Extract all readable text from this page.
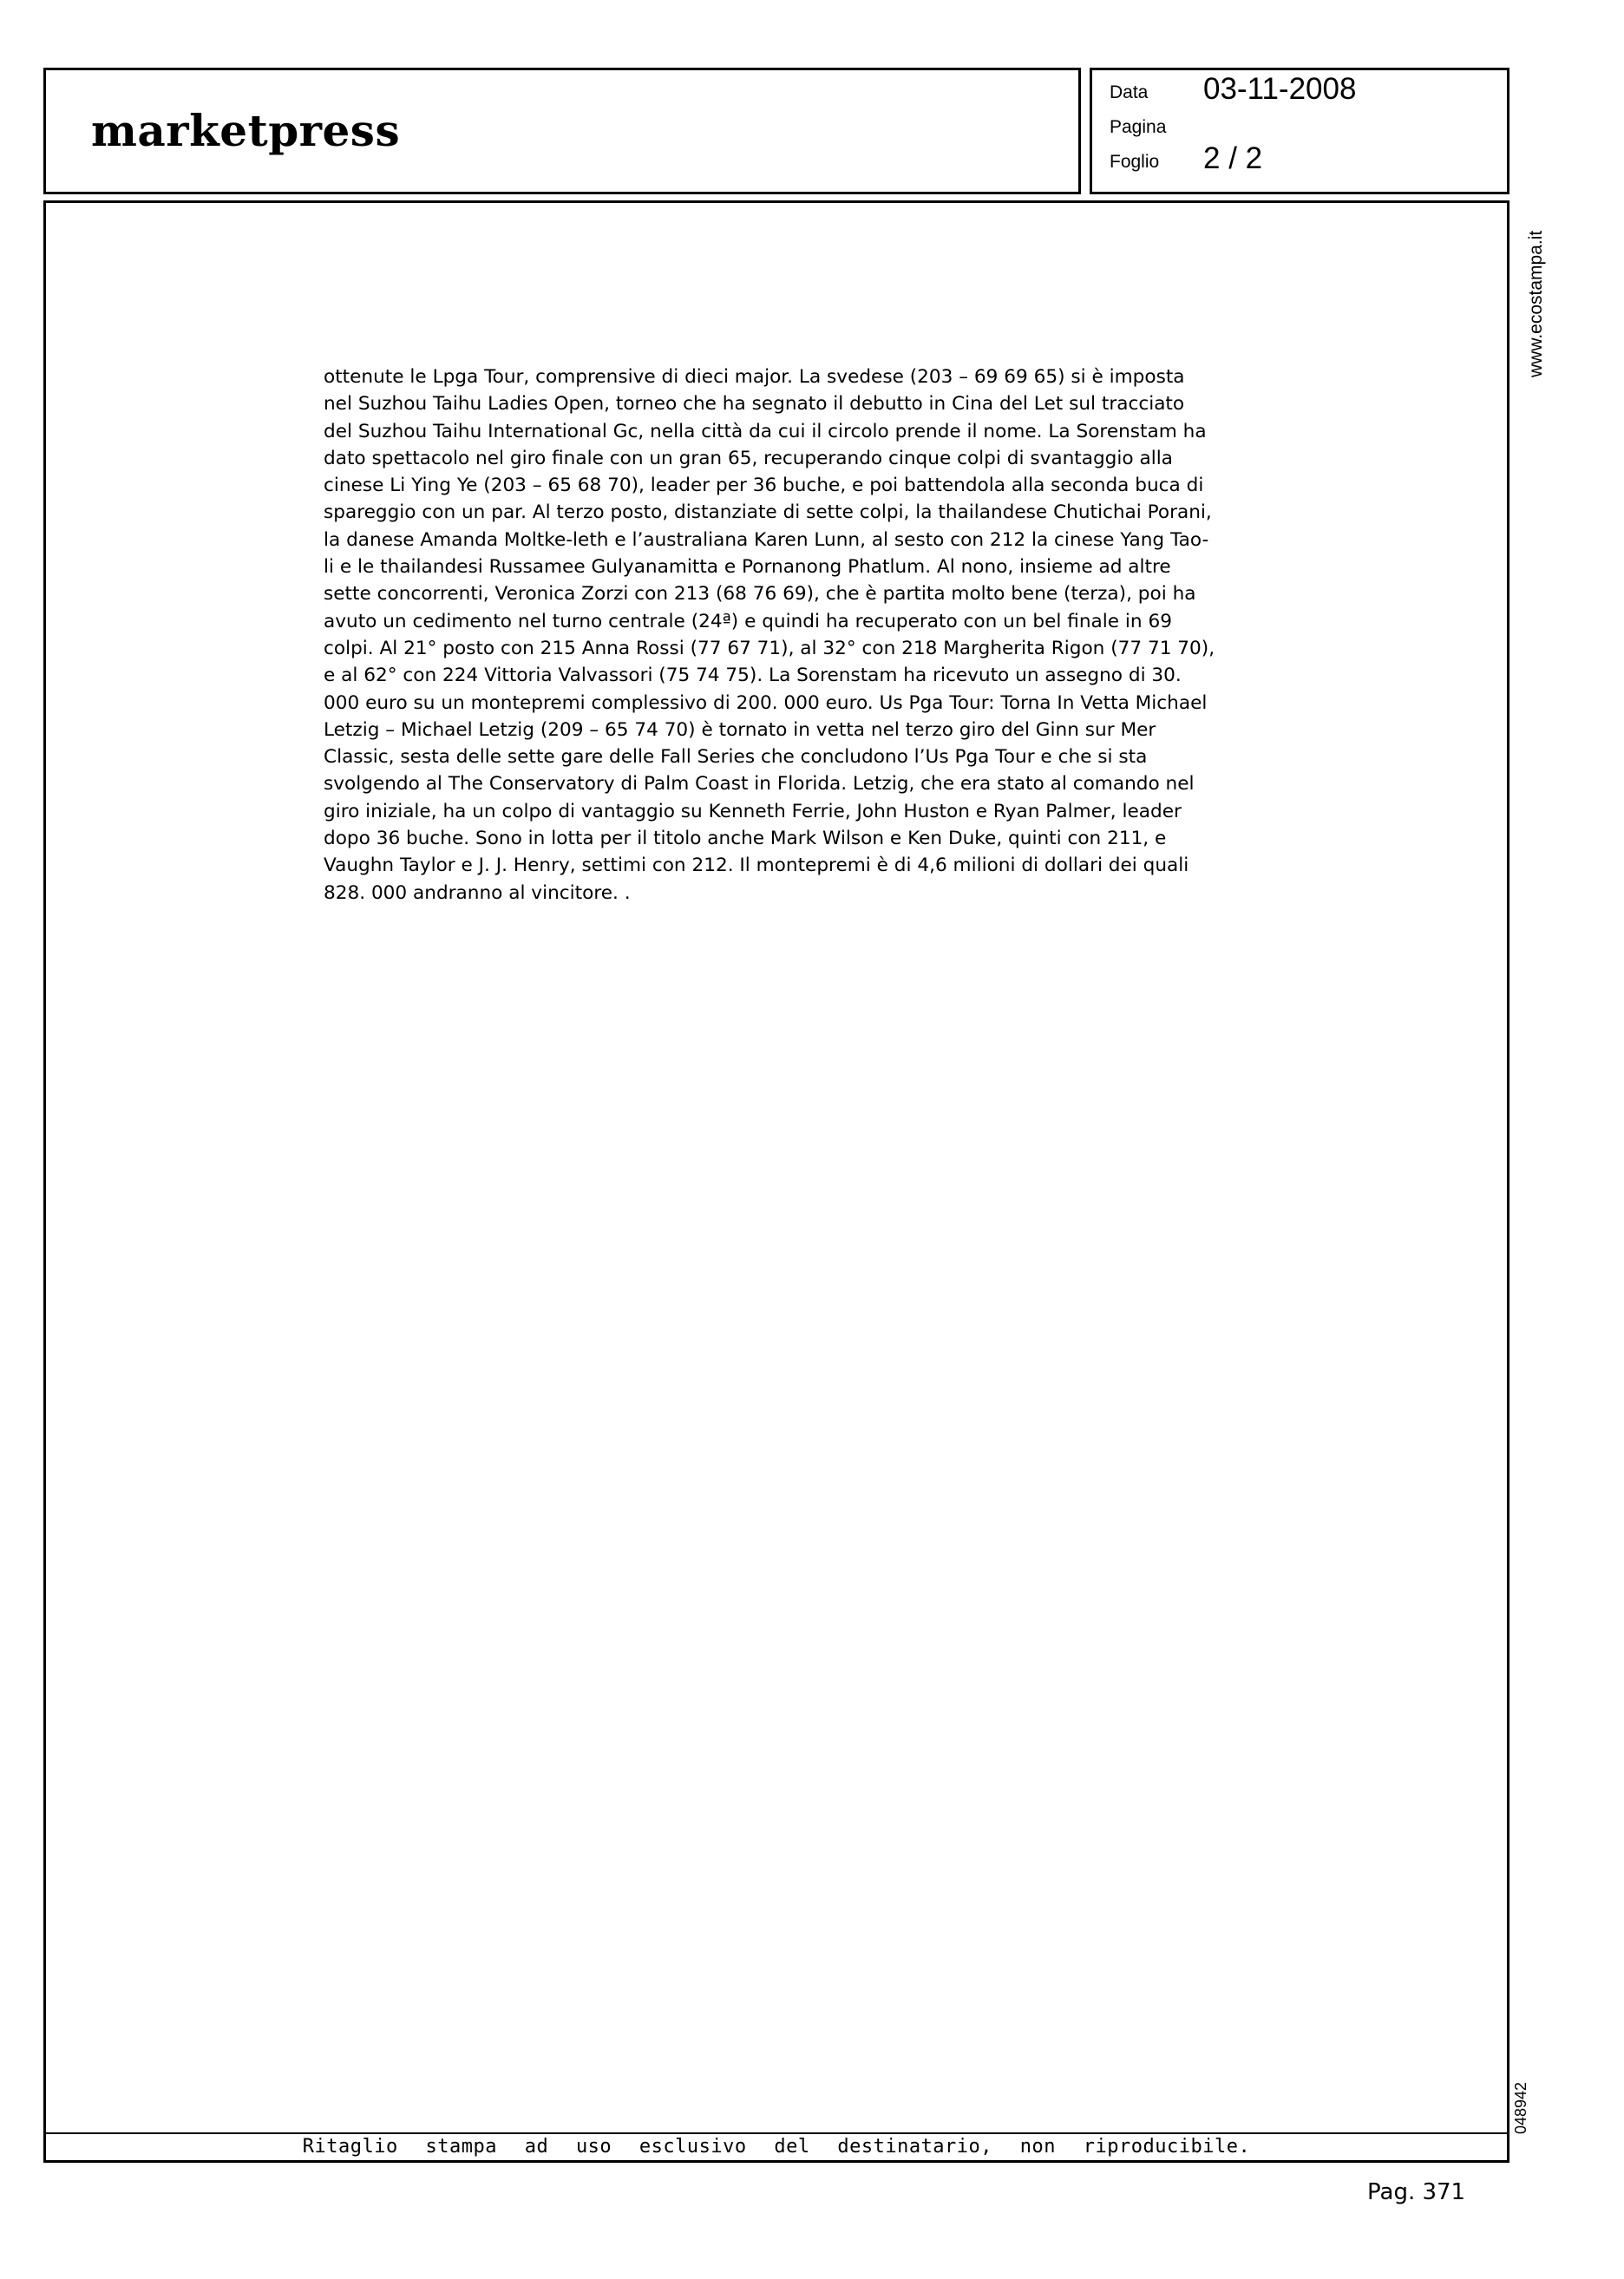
marketpress
Data 03-11-2008
Pagina
Foglio 2 / 2
ottenute le Lpga Tour, comprensive di dieci major. La svedese (203 – 69 69 65) si è imposta
nel Suzhou Taihu Ladies Open, torneo che ha segnato il debutto in Cina del Let sul tracciato
del Suzhou Taihu International Gc, nella città da cui il circolo prende il nome. La Sorenstam ha
dato spettacolo nel giro finale con un gran 65, recuperando cinque colpi di svantaggio alla
cinese Li Ying Ye (203 – 65 68 70), leader per 36 buche, e poi battendola alla seconda buca di
spareggio con un par. Al terzo posto, distanziate di sette colpi, la thailandese Chutichai Porani,
la danese Amanda Moltke-leth e l’australiana Karen Lunn, al sesto con 212 la cinese Yang Tao-
li e le thailandesi Russamee Gulyanamitta e Pornanong Phatlum. Al nono, insieme ad altre
sette concorrenti, Veronica Zorzi con 213 (68 76 69), che è partita molto bene (terza), poi ha
avuto un cedimento nel turno centrale (24ª) e quindi ha recuperato con un bel finale in 69
colpi. Al 21° posto con 215 Anna Rossi (77 67 71), al 32° con 218 Margherita Rigon (77 71 70),
e al 62° con 224 Vittoria Valvassori (75 74 75). La Sorenstam ha ricevuto un assegno di 30.
000 euro su un montepremi complessivo di 200. 000 euro. Us Pga Tour: Torna In Vetta Michael
Letzig – Michael Letzig (209 – 65 74 70) è tornato in vetta nel terzo giro del Ginn sur Mer
Classic, sesta delle sette gare delle Fall Series che concludono l’Us Pga Tour e che si sta
svolgendo al The Conservatory di Palm Coast in Florida. Letzig, che era stato al comando nel
giro iniziale, ha un colpo di vantaggio su Kenneth Ferrie, John Huston e Ryan Palmer, leader
dopo 36 buche. Sono in lotta per il titolo anche Mark Wilson e Ken Duke, quinti con 211, e
Vaughn Taylor e J. J. Henry, settimi con 212. Il montepremi è di 4,6 milioni di dollari dei quali
828. 000 andranno al vincitore. .
Ritaglio stampa ad uso esclusivo del destinatario, non riproducibile.
www.ecostampa.it
048942
Pag. 371
